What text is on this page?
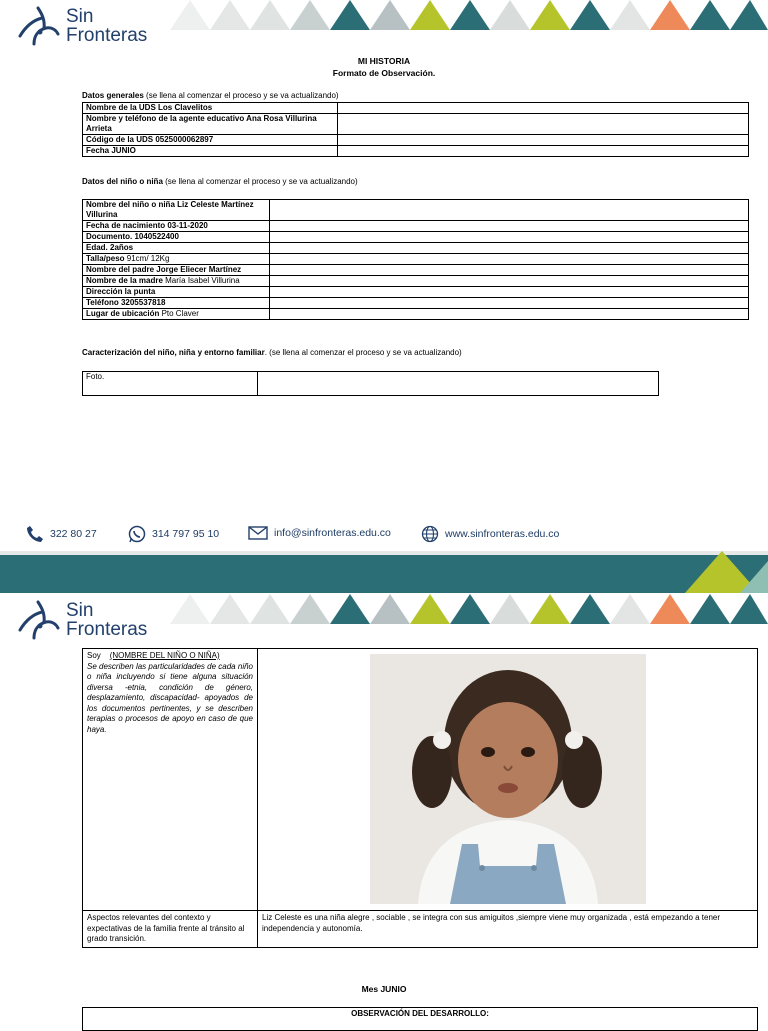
Sin
Fronteras
MI HISTORIA
Formato de Observación.
Datos generales (se llena al comenzar el proceso y se va actualizando)
Nombre de la UDS Los Clavelitos	
Nombre y teléfono de la agente educativo Ana Rosa Villurina Arrieta	
Código de la UDS 0525000062897	
Fecha JUNIO	
Datos del niño o niña (se llena al comenzar el proceso y se va actualizando)
Nombre del niño o niña Liz Celeste Martínez Villurina	
Fecha de nacimiento 03-11-2020	
Documento. 1040522400	
Edad. 2años	
Talla/peso 91cm/ 12Kg	
Nombre del padre Jorge Eliecer Martínez	
Nombre de la madre María Isabel Villurina	
Dirección la punta	
Teléfono 3205537818	
Lugar de ubicación Pto Claver	
Caracterización del niño, niña y entorno familiar. (se llena al comenzar el proceso y se va actualizando)
Foto.	
322 80 27	314 797 95 10	info@sinfronteras.edu.co	www.sinfronteras.edu.co
Sin
Fronteras
Soy (NOMBRE DEL NIÑO O NIÑA)
Se describen las particularidades de cada niño o niña incluyendo si tiene alguna situación diversa -etnia, condición de género, desplazamiento, discapacidad- apoyados de los documentos pertinentes, y se describen terapias o procesos de apoyo en caso de que haya.

Aspectos relevantes del contexto y expectativas de la familia frente al tránsito al grado transición.	Liz Celeste es una niña alegre , sociable , se integra con sus amiguitos ,siempre viene muy organizada , está empezando a tener independencia y autonomía.
Mes JUNIO
OBSERVACIÓN DEL DESARROLLO:
